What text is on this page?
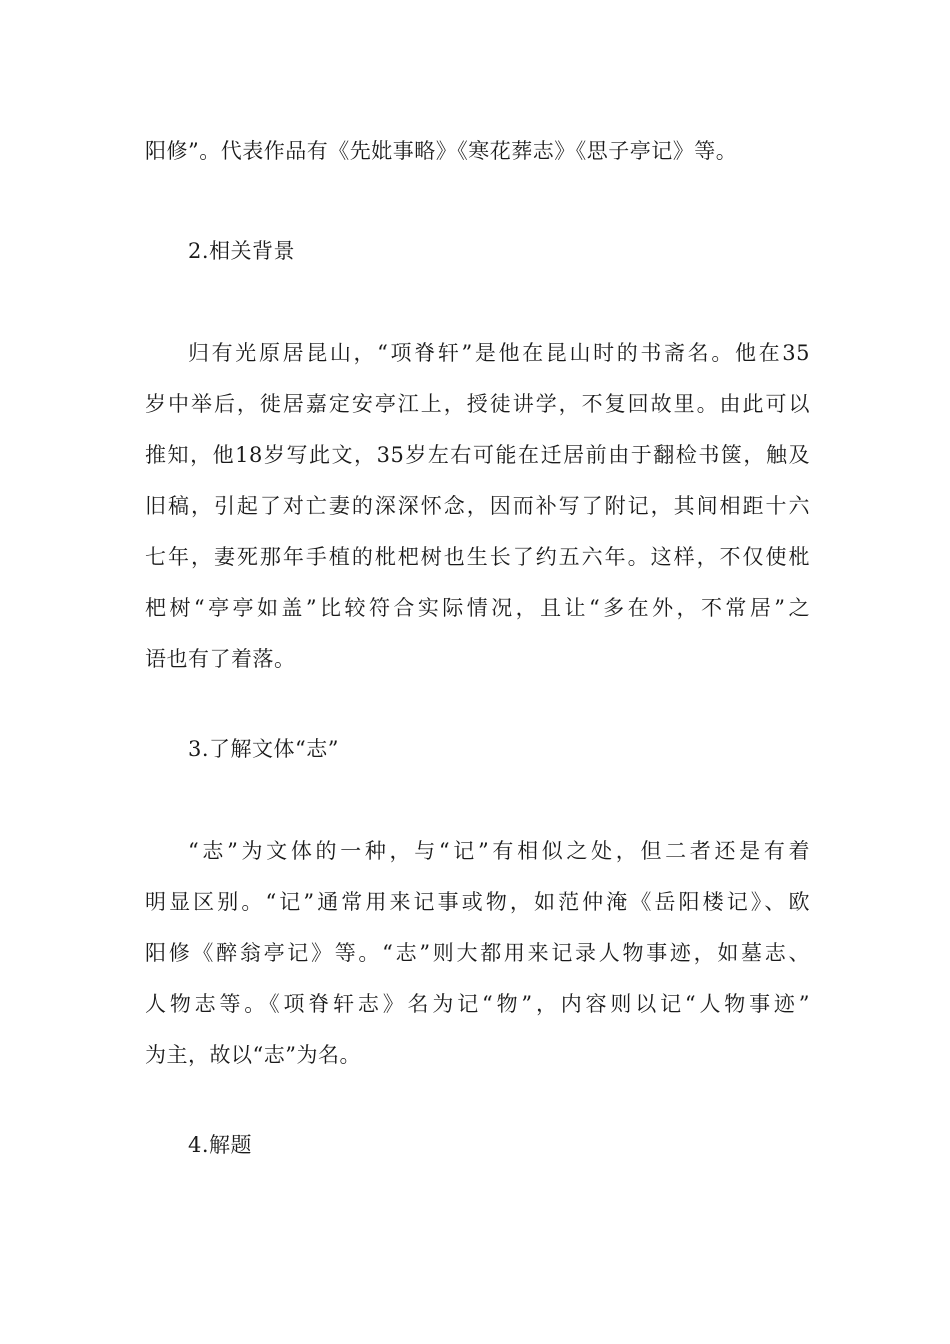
阳修”。代表作品有《先妣事略》《寒花葬志》《思子亭记》等。
2.相关背景
归有光原居昆山，“项脊轩”是他在昆山时的书斋名。他在35
岁中举后，徙居嘉定安亭江上，授徒讲学，不复回故里。由此可以
推知，他18岁写此文，35岁左右可能在迁居前由于翻检书箧，触及
旧稿，引起了对亡妻的深深怀念，因而补写了附记，其间相距十六
七年，妻死那年手植的枇杷树也生长了约五六年。这样，不仅使枇
杷树“亭亭如盖”比较符合实际情况，且让“多在外，不常居”之
语也有了着落。
3.了解文体“志”
“志”为文体的一种，与“记”有相似之处，但二者还是有着
明显区别。“记”通常用来记事或物，如范仲淹《岳阳楼记》、欧
阳修《醉翁亭记》等。“志”则大都用来记录人物事迹，如墓志、
人物志等。《项脊轩志》名为记“物”，内容则以记“人物事迹”
为主，故以“志”为名。
4.解题
